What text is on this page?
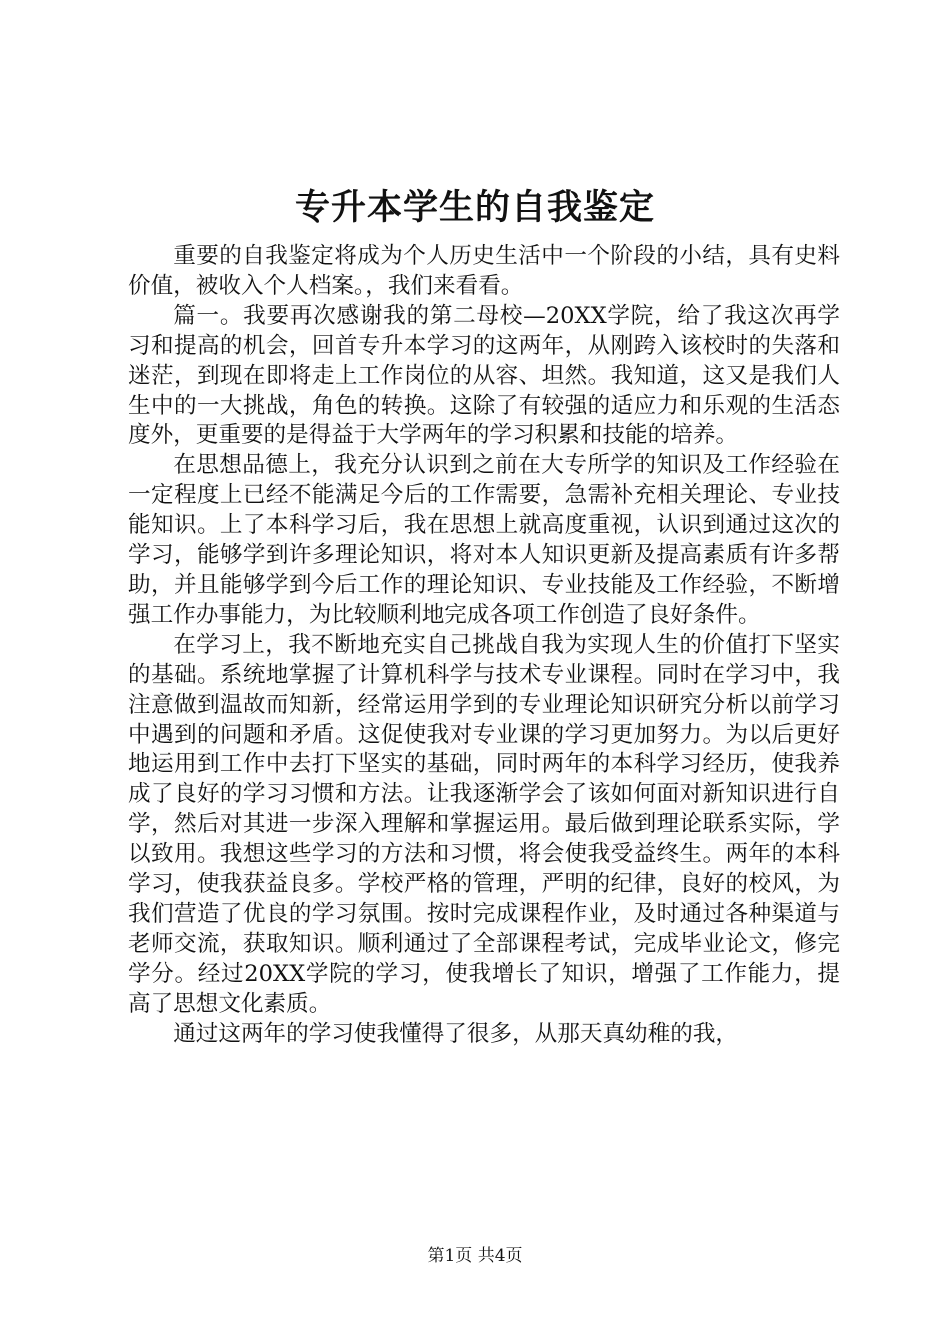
专升本学生的自我鉴定

重要的自我鉴定将成为个人历史生活中一个阶段的小结，具有史料价值，被收入个人档案。，我们来看看。

篇一。我要再次感谢我的第二母校—20XX学院，给了我这次再学习和提高的机会，回首专升本学习的这两年，从刚跨入该校时的失落和迷茫，到现在即将走上工作岗位的从容、坦然。我知道，这又是我们人生中的一大挑战，角色的转换。这除了有较强的适应力和乐观的生活态度外，更重要的是得益于大学两年的学习积累和技能的培养。

在思想品德上，我充分认识到之前在大专所学的知识及工作经验在一定程度上已经不能满足今后的工作需要，急需补充相关理论、专业技能知识。上了本科学习后，我在思想上就高度重视，认识到通过这次的学习，能够学到许多理论知识，将对本人知识更新及提高素质有许多帮助，并且能够学到今后工作的理论知识、专业技能及工作经验，不断增强工作办事能力，为比较顺利地完成各项工作创造了良好条件。

在学习上，我不断地充实自己挑战自我为实现人生的价值打下坚实的基础。系统地掌握了计算机科学与技术专业课程。同时在学习中，我注意做到温故而知新，经常运用学到的专业理论知识研究分析以前学习中遇到的问题和矛盾。这促使我对专业课的学习更加努力。为以后更好地运用到工作中去打下坚实的基础，同时两年的本科学习经历，使我养成了良好的学习习惯和方法。让我逐渐学会了该如何面对新知识进行自学，然后对其进一步深入理解和掌握运用。最后做到理论联系实际，学以致用。我想这些学习的方法和习惯，将会使我受益终生。两年的本科学习，使我获益良多。学校严格的管理，严明的纪律，良好的校风，为我们营造了优良的学习氛围。按时完成课程作业，及时通过各种渠道与老师交流，获取知识。顺利通过了全部课程考试，完成毕业论文，修完学分。经过20XX学院的学习，使我增长了知识，增强了工作能力，提高了思想文化素质。

通过这两年的学习使我懂得了很多，从那天真幼稚的我，

第1页 共4页
